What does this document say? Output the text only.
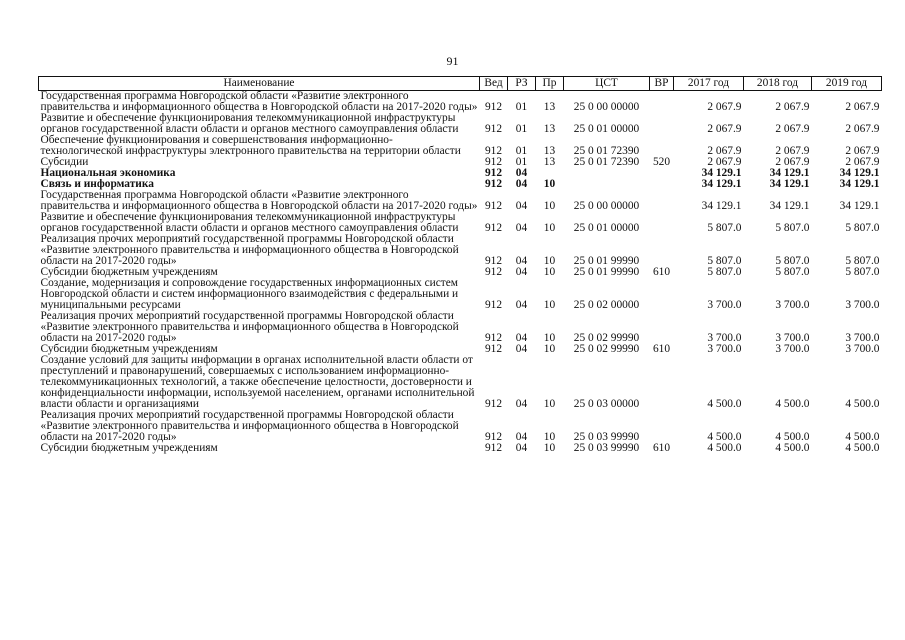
91
Наименование	Вед	РЗ	Пр	ЦСТ	ВР	2017 год	2018 год	2019 год
Государственная программа Новгородской области «Развитие электронного правительства и информационного общества в Новгородской области на 2017-2020 годы»	912	01	13	25 0 00 00000		2 067.9	2 067.9	2 067.9
Развитие и обеспечение функционирования телекоммуникационной инфраструктуры органов государственной власти области и органов местного самоуправления области	912	01	13	25 0 01 00000		2 067.9	2 067.9	2 067.9
Обеспечение функционирования и совершенствования информационно- технологической инфраструктуры электронного правительства на территории области	912	01	13	25 0 01 72390		2 067.9	2 067.9	2 067.9
Субсидии	912	01	13	25 0 01 72390	520	2 067.9	2 067.9	2 067.9
Национальная экономика	912	04				34 129.1	34 129.1	34 129.1
Связь и информатика	912	04	10			34 129.1	34 129.1	34 129.1
Государственная программа Новгородской области «Развитие электронного правительства и информационного общества в Новгородской области на 2017-2020 годы»	912	04	10	25 0 00 00000		34 129.1	34 129.1	34 129.1
Развитие и обеспечение функционирования телекоммуникационной инфраструктуры органов государственной власти области и органов местного самоуправления области	912	04	10	25 0 01 00000		5 807.0	5 807.0	5 807.0
Реализация прочих мероприятий государственной программы Новгородской области «Развитие электронного правительства и информационного общества в Новгородской области на 2017-2020 годы»	912	04	10	25 0 01 99990		5 807.0	5 807.0	5 807.0
Субсидии бюджетным учреждениям	912	04	10	25 0 01 99990	610	5 807.0	5 807.0	5 807.0
Создание, модернизация и сопровождение государственных информационных систем Новгородской области и систем информационного взаимодействия с федеральными и муниципальными ресурсами	912	04	10	25 0 02 00000		3 700.0	3 700.0	3 700.0
Реализация прочих мероприятий государственной программы Новгородской области «Развитие электронного правительства и информационного общества в Новгородской области на 2017-2020 годы»	912	04	10	25 0 02 99990		3 700.0	3 700.0	3 700.0
Субсидии бюджетным учреждениям	912	04	10	25 0 02 99990	610	3 700.0	3 700.0	3 700.0
Создание условий для защиты информации в органах исполнительной власти области от преступлений и правонарушений, совершаемых с использованием информационно-телекоммуникационных технологий, а также обеспечение целостности, достоверности и конфиденциальности информации, используемой населением, органами исполнительной власти области и организациями	912	04	10	25 0 03 00000		4 500.0	4 500.0	4 500.0
Реализация прочих мероприятий государственной программы Новгородской области «Развитие электронного правительства и информационного общества в Новгородской области на 2017-2020 годы»	912	04	10	25 0 03 99990		4 500.0	4 500.0	4 500.0
Субсидии бюджетным учреждениям	912	04	10	25 0 03 99990	610	4 500.0	4 500.0	4 500.0
